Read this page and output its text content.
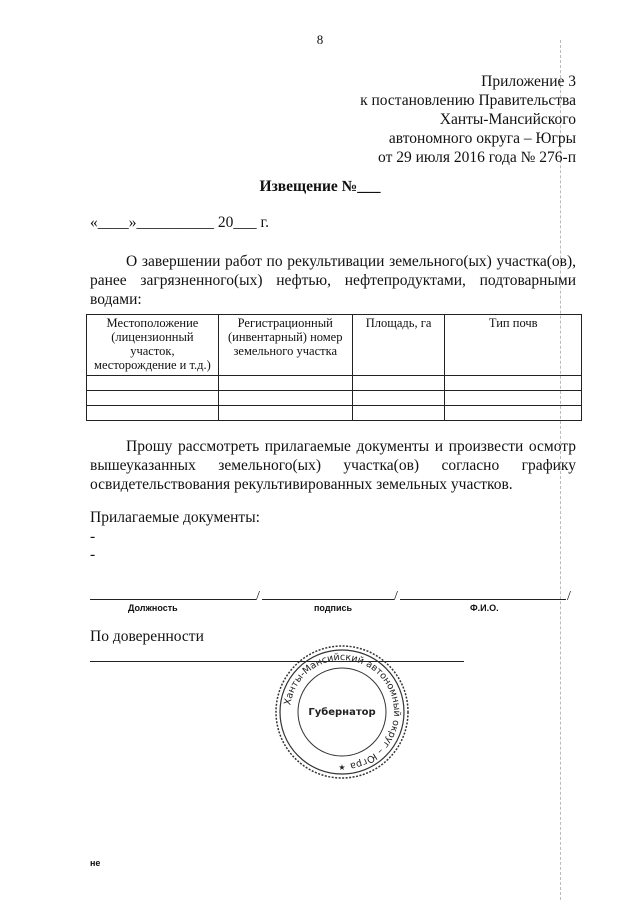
8
Приложение 3
к постановлению Правительства
Ханты-Мансийского
автономного округа – Югры
от 29 июля 2016 года № 276-п
Извещение №___
«____»__________ 20___ г.

О завершении работ по рекультивации земельного(ых) участка(ов), ранее загрязненного(ых) нефтью, нефтепродуктами, подтоварными водами:

Местоположение (лицензионный участок, месторождение и т.д.)	Регистрационный (инвентарный) номер земельного участка	Площадь, га	Тип почв

Прошу рассмотреть прилагаемые документы и произвести осмотр вышеуказанных земельного(ых) участка(ов) согласно графику освидетельствования рекультивированных земельных участков.

Прилагаемые документы:
-
-
/	/	/
Должность	подпись	Ф.И.О.
По доверенности
Ханты-Мансийский автономный округ – Югра
Губернатор
★
не
